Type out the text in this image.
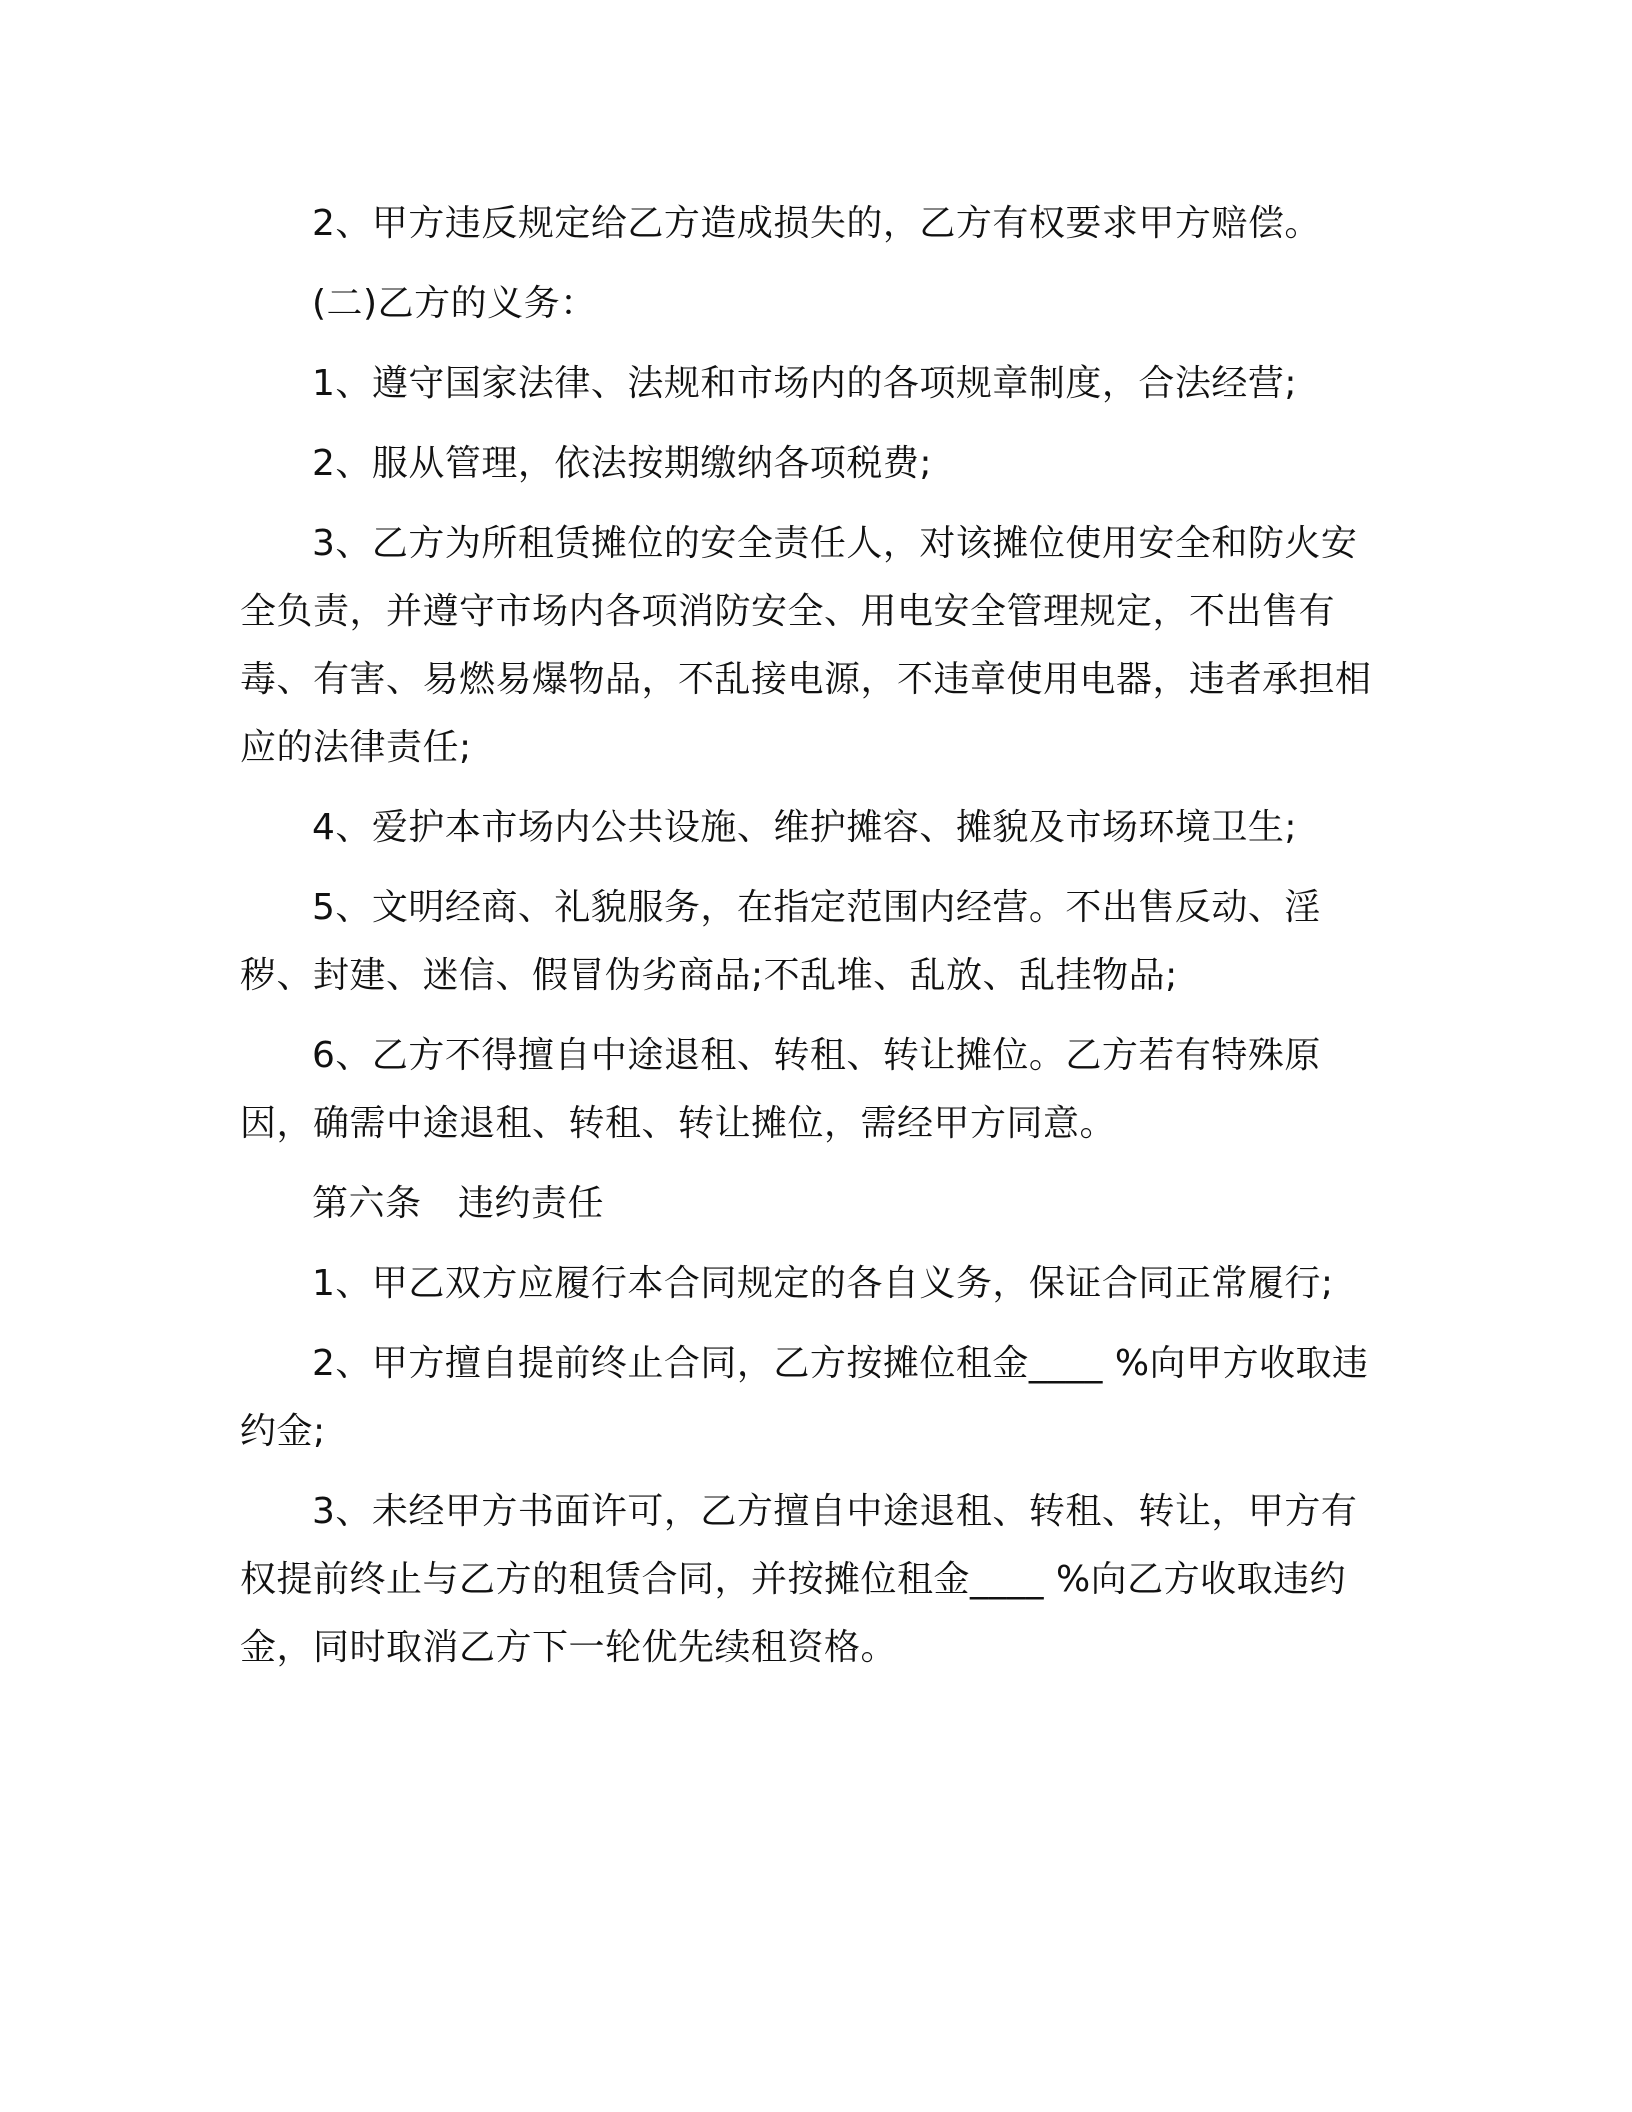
2、甲方违反规定给乙方造成损失的，乙方有权要求甲方赔偿。

(二)乙方的义务：

1、遵守国家法律、法规和市场内的各项规章制度，合法经营;

2、服从管理，依法按期缴纳各项税费;

3、乙方为所租赁摊位的安全责任人，对该摊位使用安全和防火安全负责，并遵守市场内各项消防安全、用电安全管理规定，不出售有毒、有害、易燃易爆物品，不乱接电源，不违章使用电器，违者承担相应的法律责任;

4、爱护本市场内公共设施、维护摊容、摊貌及市场环境卫生;

5、文明经商、礼貌服务，在指定范围内经营。不出售反动、淫秽、封建、迷信、假冒伪劣商品;不乱堆、乱放、乱挂物品;

6、乙方不得擅自中途退租、转租、转让摊位。乙方若有特殊原因，确需中途退租、转租、转让摊位，需经甲方同意。

第六条　违约责任

1、甲乙双方应履行本合同规定的各自义务，保证合同正常履行;

2、甲方擅自提前终止合同，乙方按摊位租金____ %向甲方收取违约金;

3、未经甲方书面许可，乙方擅自中途退租、转租、转让，甲方有权提前终止与乙方的租赁合同，并按摊位租金____ %向乙方收取违约金，同时取消乙方下一轮优先续租资格。
